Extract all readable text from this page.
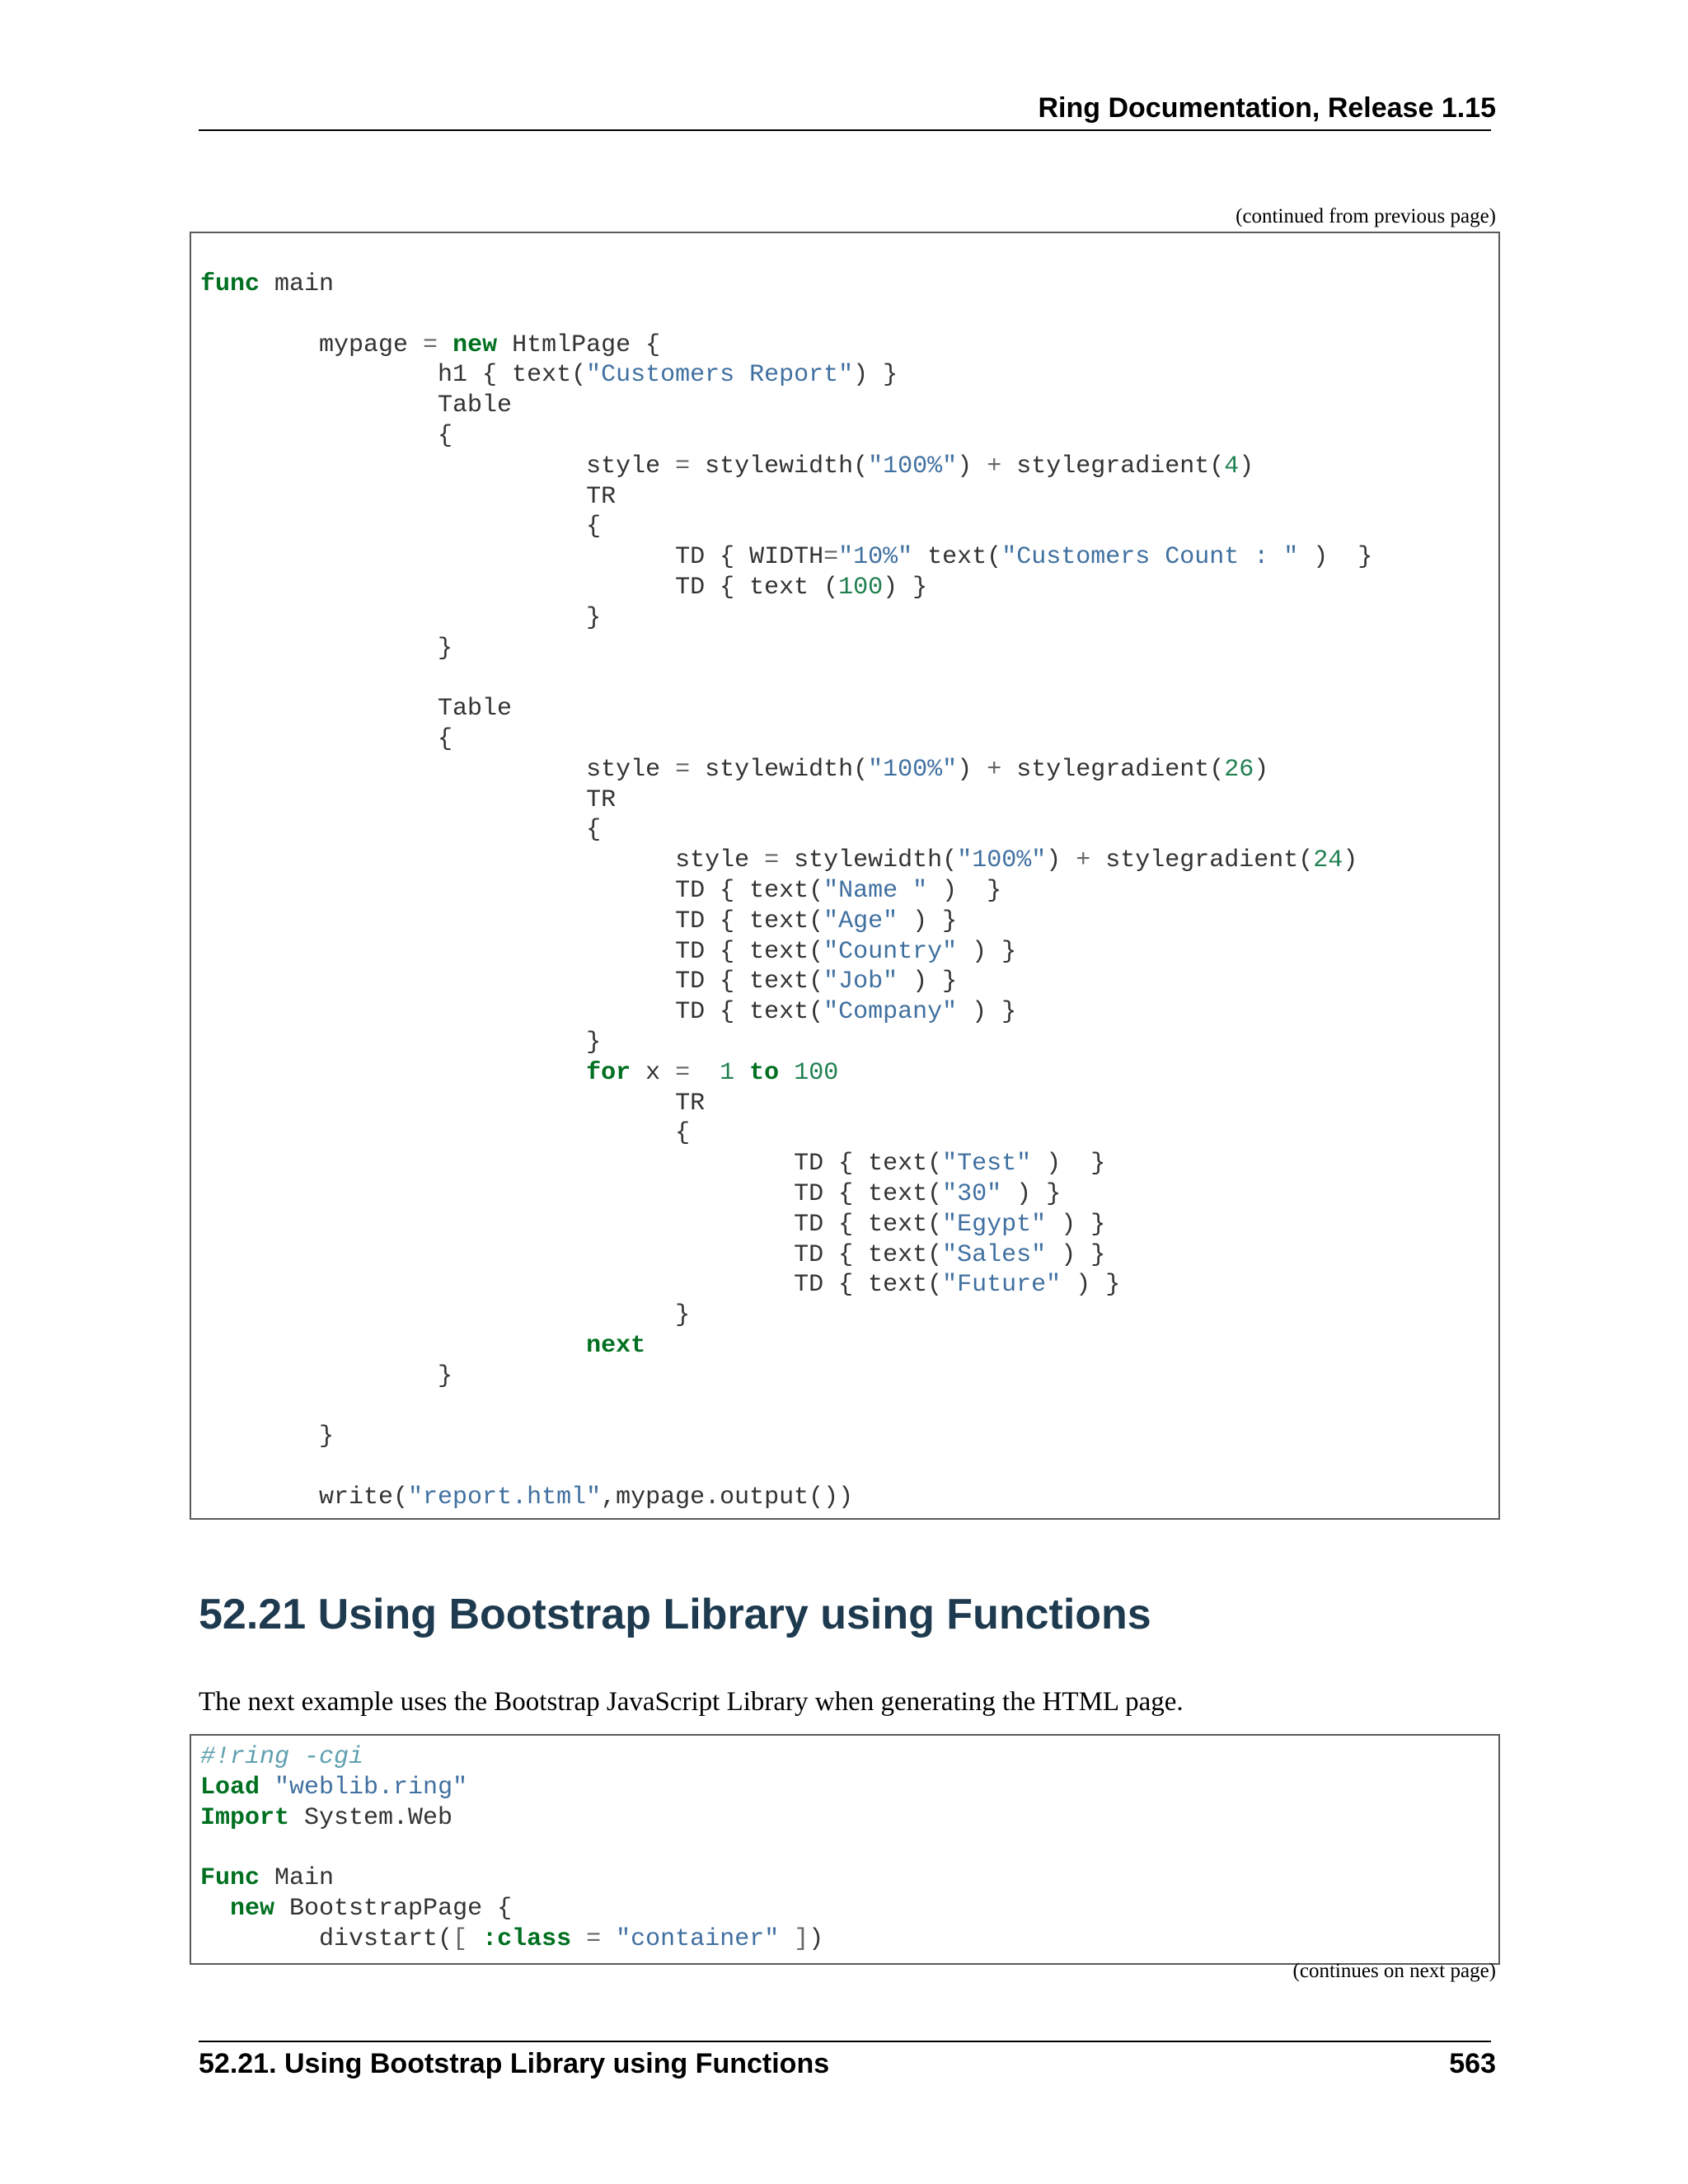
Ring Documentation, Release 1.15
(continued from previous page)
func main

mypage = new HtmlPage {
h1 { text("Customers Report") }
Table
{
style = stylewidth("100%") + stylegradient(4)
TR
{
TD { WIDTH="10%" text("Customers Count : " )  }
TD { text (100) }
}
}

Table
{
style = stylewidth("100%") + stylegradient(26)
TR
{
style = stylewidth("100%") + stylegradient(24)
TD { text("Name " )  }
TD { text("Age" ) }
TD { text("Country" ) }
TD { text("Job" ) }
TD { text("Company" ) }
}
for x = 1 to 100
TR
{
TD { text("Test" )  }
TD { text("30" ) }
TD { text("Egypt" ) }
TD { text("Sales" ) }
TD { text("Future" ) }
}
next
}

}

write("report.html",mypage.output())
52.21 Using Bootstrap Library using Functions

The next example uses the Bootstrap JavaScript Library when generating the HTML page.

#!ring -cgi
Load "weblib.ring"
Import System.Web

Func Main
new BootstrapPage {
divstart([ :class = "container" ])
(continues on next page)
52.21. Using Bootstrap Library using Functions	563
